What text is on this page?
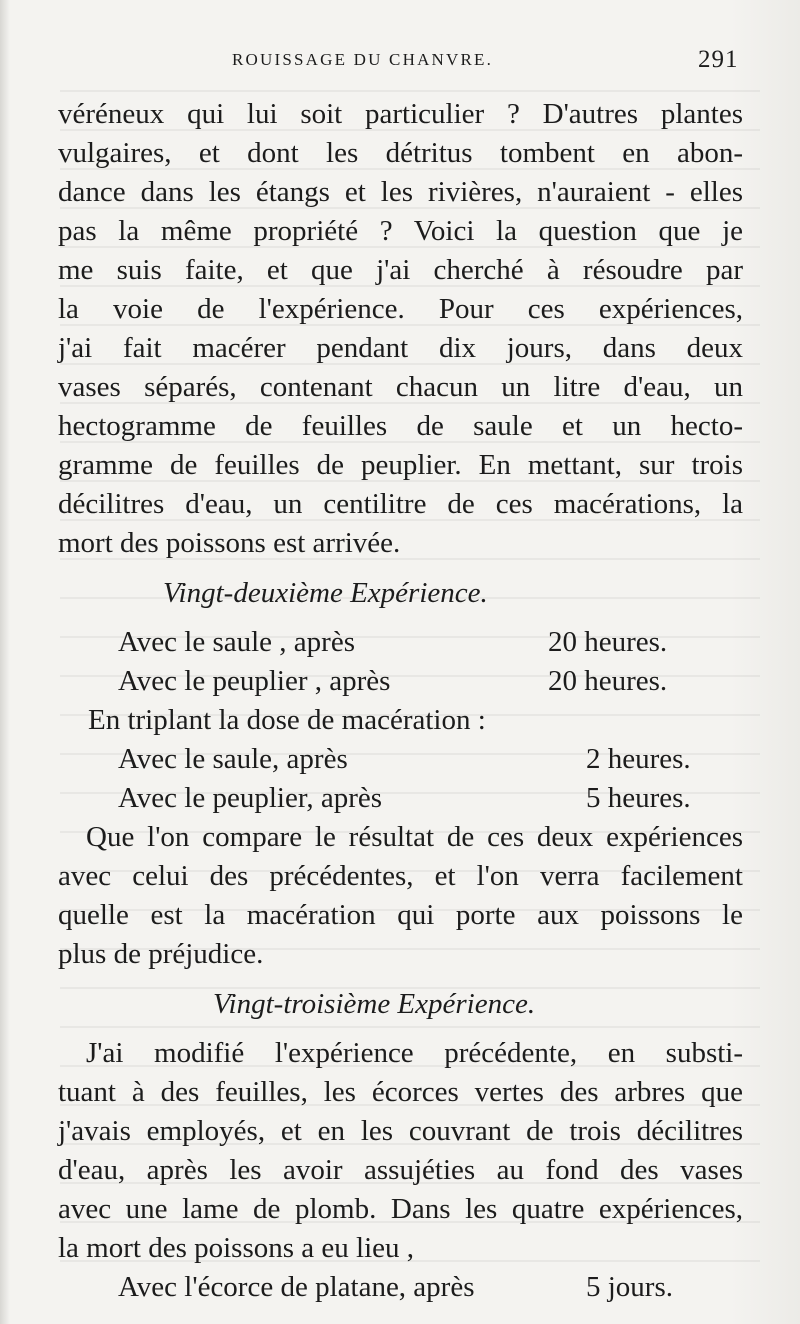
ROUISSAGE DU CHANVRE.	291
véréneux qui lui soit particulier ? D'autres plantes
vulgaires, et dont les détritus tombent en abon-
dance dans les étangs et les rivières, n'auraient - elles
pas la même propriété ? Voici la question que je
me suis faite, et que j'ai cherché à résoudre par
la voie de l'expérience. Pour ces expériences,
j'ai fait macérer pendant dix jours, dans deux
vases séparés, contenant chacun un litre d'eau, un
hectogramme de feuilles de saule et un hecto-
gramme de feuilles de peuplier. En mettant, sur trois
décilitres d'eau, un centilitre de ces macérations, la
mort des poissons est arrivée.
Vingt-deuxième Expérience.
Avec le saule , après	20 heures.
Avec le peuplier , après	20 heures.
En triplant la dose de macération :
Avec le saule, après	2 heures.
Avec le peuplier, après	5 heures.
Que l'on compare le résultat de ces deux expériences
avec celui des précédentes, et l'on verra facilement
quelle est la macération qui porte aux poissons le
plus de préjudice.
Vingt-troisième Expérience.
J'ai modifié l'expérience précédente, en substi-
tuant à des feuilles, les écorces vertes des arbres que
j'avais employés, et en les couvrant de trois décilitres
d'eau, après les avoir assujéties au fond des vases
avec une lame de plomb. Dans les quatre expériences,
la mort des poissons a eu lieu ,
Avec l'écorce de platane, après	5 jours.
